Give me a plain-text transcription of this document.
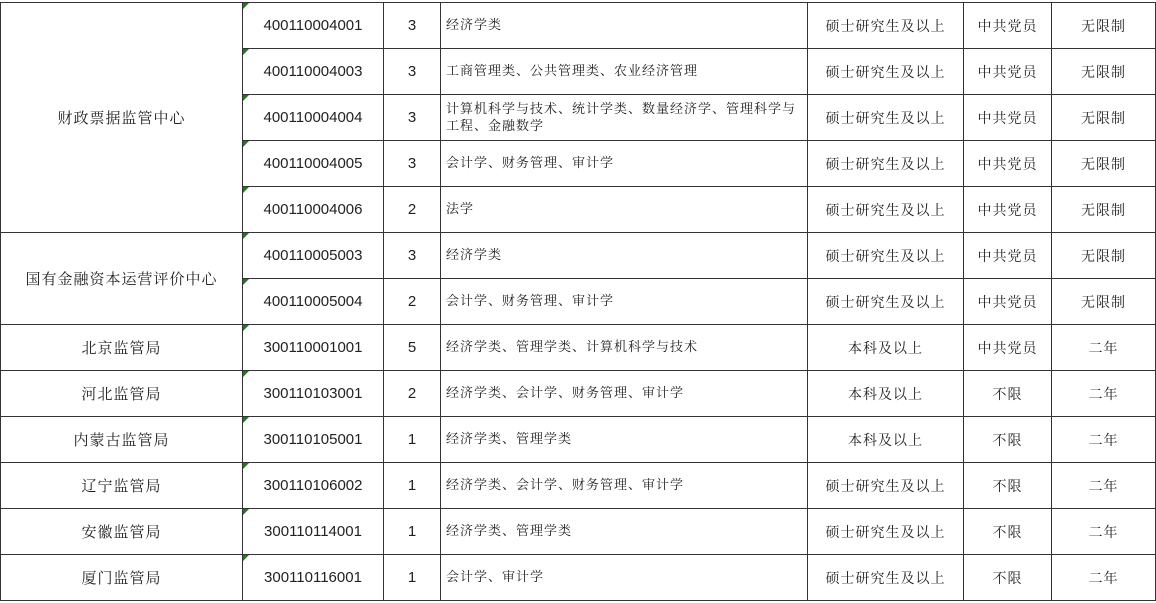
财政票据监管中心	400110004001	3	经济学类	硕士研究生及以上	中共党员	无限制
	400110004003	3	工商管理类、公共管理类、农业经济管理	硕士研究生及以上	中共党员	无限制
	400110004004	3	计算机科学与技术、统计学类、数量经济学、管理科学与工程、金融数学	硕士研究生及以上	中共党员	无限制
	400110004005	3	会计学、财务管理、审计学	硕士研究生及以上	中共党员	无限制
	400110004006	2	法学	硕士研究生及以上	中共党员	无限制
国有金融资本运营评价中心	400110005003	3	经济学类	硕士研究生及以上	中共党员	无限制
	400110005004	2	会计学、财务管理、审计学	硕士研究生及以上	中共党员	无限制
北京监管局	300110001001	5	经济学类、管理学类、计算机科学与技术	本科及以上	中共党员	二年
河北监管局	300110103001	2	经济学类、会计学、财务管理、审计学	本科及以上	不限	二年
内蒙古监管局	300110105001	1	经济学类、管理学类	本科及以上	不限	二年
辽宁监管局	300110106002	1	经济学类、会计学、财务管理、审计学	硕士研究生及以上	不限	二年
安徽监管局	300110114001	1	经济学类、管理学类	硕士研究生及以上	不限	二年
厦门监管局	300110116001	1	会计学、审计学	硕士研究生及以上	不限	二年
